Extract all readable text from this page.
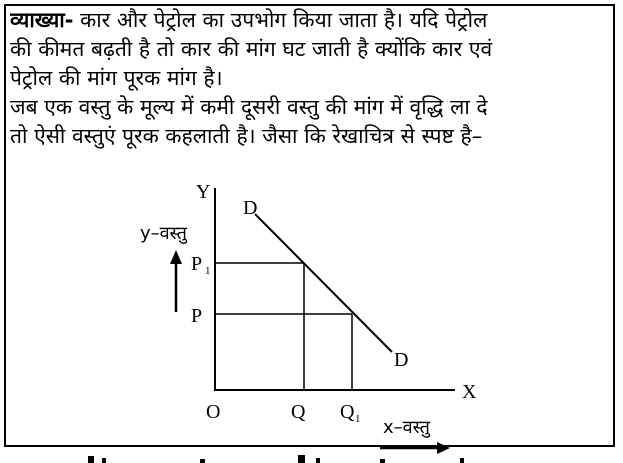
व्याख्या- कार और पेट्रोल का उपभोग किया जाता है। यदि पेट्रोल
की कीमत बढ़ती है तो कार की मांग घट जाती है क्योंकि कार एवं
पेट्रोल की मांग पूरक मांग है।
जब एक वस्तु के मूल्य में कमी दूसरी वस्तु की मांग में वृद्धि ला दे
तो ऐसी वस्तुएं पूरक कहलाती है। जैसा कि रेखाचित्र से स्पष्ट है–
Y
X
O
D
D
P 1
P
Q Q 1
y–वस्तु
x–वस्तु
